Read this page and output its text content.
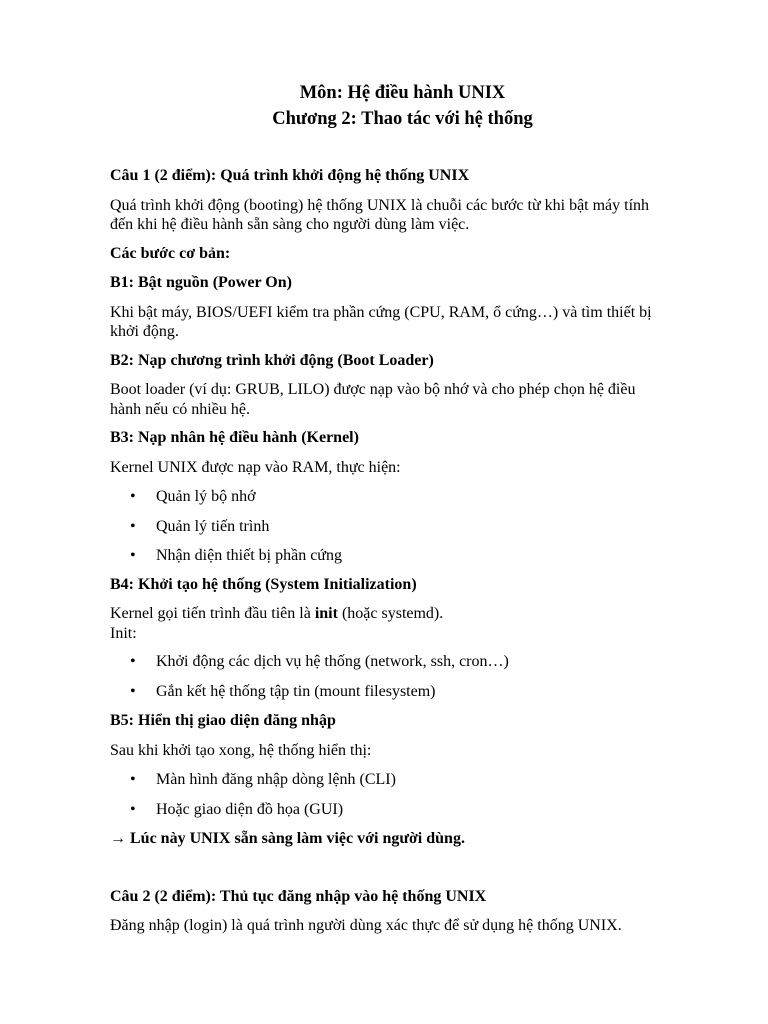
Môn: Hệ điều hành UNIX

Chương 2: Thao tác với hệ thống

Câu 1 (2 điểm): Quá trình khởi động hệ thống UNIX

Quá trình khởi động (booting) hệ thống UNIX là chuỗi các bước từ khi bật máy tính
đến khi hệ điều hành sẵn sàng cho người dùng làm việc.

Các bước cơ bản:

B1: Bật nguồn (Power On)

Khi bật máy, BIOS/UEFI kiểm tra phần cứng (CPU, RAM, ổ cứng…) và tìm thiết bị
khởi động.

B2: Nạp chương trình khởi động (Boot Loader)

Boot loader (ví dụ: GRUB, LILO) được nạp vào bộ nhớ và cho phép chọn hệ điều
hành nếu có nhiều hệ.

B3: Nạp nhân hệ điều hành (Kernel)

Kernel UNIX được nạp vào RAM, thực hiện:

• Quản lý bộ nhớ
• Quản lý tiến trình
• Nhận diện thiết bị phần cứng

B4: Khởi tạo hệ thống (System Initialization)

Kernel gọi tiến trình đầu tiên là init (hoặc systemd).
Init:

• Khởi động các dịch vụ hệ thống (network, ssh, cron…)
• Gắn kết hệ thống tập tin (mount filesystem)

B5: Hiển thị giao diện đăng nhập

Sau khi khởi tạo xong, hệ thống hiển thị:

• Màn hình đăng nhập dòng lệnh (CLI)
• Hoặc giao diện đồ họa (GUI)

→ Lúc này UNIX sẵn sàng làm việc với người dùng.

Câu 2 (2 điểm): Thủ tục đăng nhập vào hệ thống UNIX

Đăng nhập (login) là quá trình người dùng xác thực để sử dụng hệ thống UNIX.
